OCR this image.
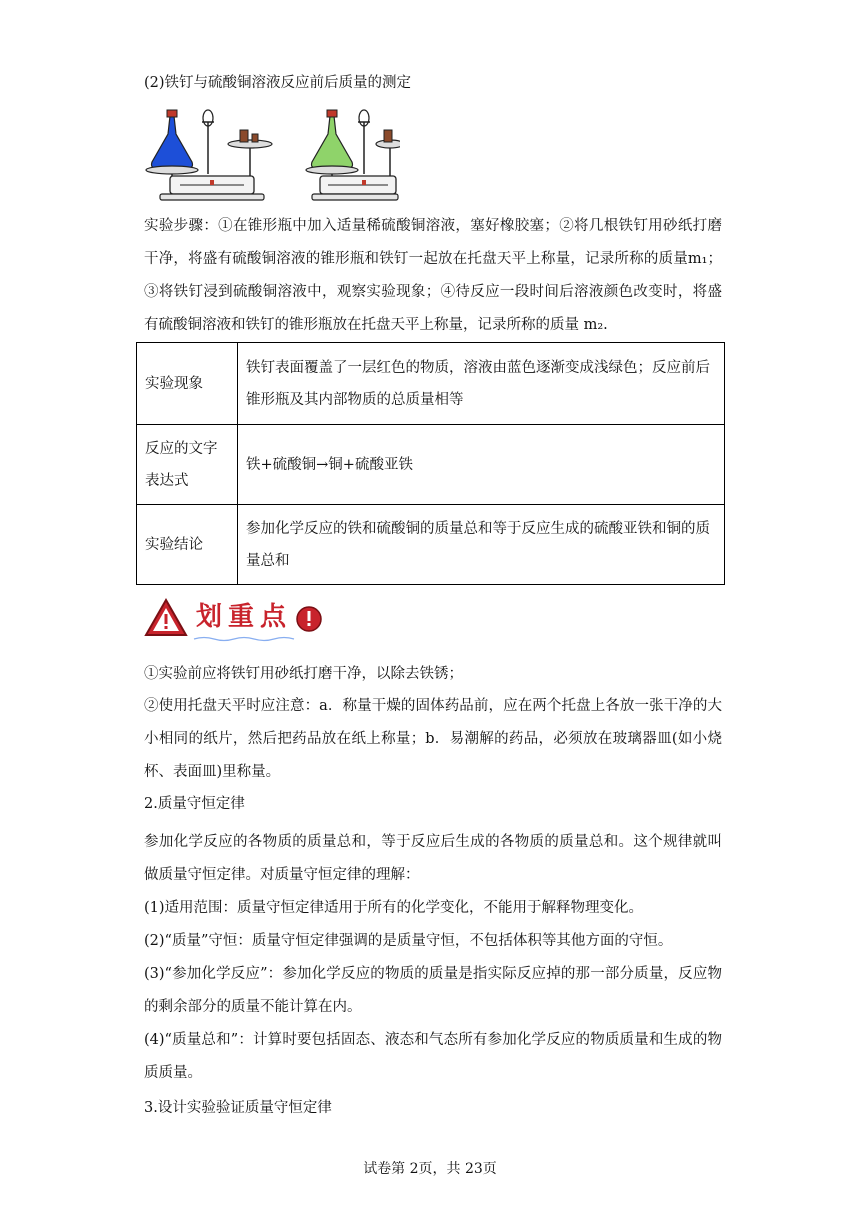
(2)铁钉与硫酸铜溶液反应前后质量的测定

实验步骤：①在锥形瓶中加入适量稀硫酸铜溶液，塞好橡胶塞；②将几根铁钉用砂纸打磨干净，将盛有硫酸铜溶液的锥形瓶和铁钉一起放在托盘天平上称量，记录所称的质量m₁；③将铁钉浸到硫酸铜溶液中，观察实验现象；④待反应一段时间后溶液颜色改变时，将盛有硫酸铜溶液和铁钉的锥形瓶放在托盘天平上称量，记录所称的质量 m₂.

实验现象	铁钉表面覆盖了一层红色的物质，溶液由蓝色逐渐变成浅绿色；反应前后锥形瓶及其内部物质的总质量相等
反应的文字表达式	铁+硫酸铜→铜+硫酸亚铁
实验结论	参加化学反应的铁和硫酸铜的质量总和等于反应生成的硫酸亚铁和铜的质量总和
划重点

①实验前应将铁钉用砂纸打磨干净，以除去铁锈；

②使用托盘天平时应注意：a．称量干燥的固体药品前，应在两个托盘上各放一张干净的大小相同的纸片，然后把药品放在纸上称量；b．易潮解的药品，必须放在玻璃器皿(如小烧杯、表面皿)里称量。

2.质量守恒定律

参加化学反应的各物质的质量总和，等于反应后生成的各物质的质量总和。这个规律就叫做质量守恒定律。对质量守恒定律的理解：

(1)适用范围：质量守恒定律适用于所有的化学变化，不能用于解释物理变化。

(2)“质量”守恒：质量守恒定律强调的是质量守恒，不包括体积等其他方面的守恒。

(3)“参加化学反应”：参加化学反应的物质的质量是指实际反应掉的那一部分质量，反应物的剩余部分的质量不能计算在内。

(4)“质量总和”：计算时要包括固态、液态和气态所有参加化学反应的物质质量和生成的物质质量。

3.设计实验验证质量守恒定律
试卷第 2页，共 23页
